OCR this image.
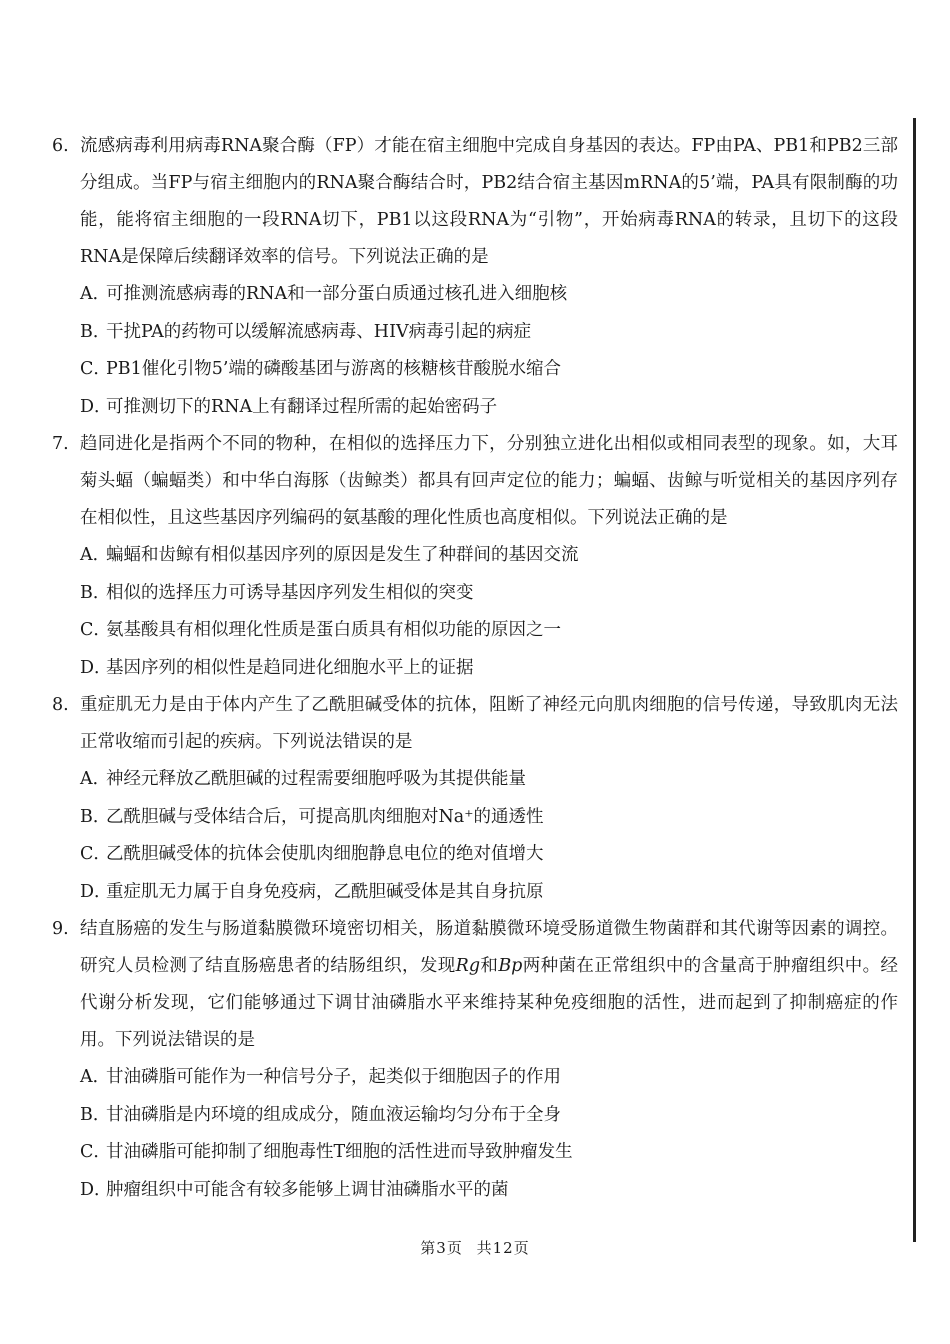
6. 流感病毒利用病毒RNA聚合酶（FP）才能在宿主细胞中完成自身基因的表达。FP由PA、PB1和PB2三部分组成。当FP与宿主细胞内的RNA聚合酶结合时，PB2结合宿主基因mRNA的5’端，PA具有限制酶的功能，能将宿主细胞的一段RNA切下，PB1以这段RNA为“引物”，开始病毒RNA的转录，且切下的这段RNA是保障后续翻译效率的信号。下列说法正确的是
A．可推测流感病毒的RNA和一部分蛋白质通过核孔进入细胞核
B．干扰PA的药物可以缓解流感病毒、HIV病毒引起的病症
C．PB1催化引物5’端的磷酸基团与游离的核糖核苷酸脱水缩合
D．可推测切下的RNA上有翻译过程所需的起始密码子
7. 趋同进化是指两个不同的物种，在相似的选择压力下，分别独立进化出相似或相同表型的现象。如，大耳菊头蝠（蝙蝠类）和中华白海豚（齿鲸类）都具有回声定位的能力；蝙蝠、齿鲸与听觉相关的基因序列存在相似性，且这些基因序列编码的氨基酸的理化性质也高度相似。下列说法正确的是
A．蝙蝠和齿鲸有相似基因序列的原因是发生了种群间的基因交流
B．相似的选择压力可诱导基因序列发生相似的突变
C．氨基酸具有相似理化性质是蛋白质具有相似功能的原因之一
D．基因序列的相似性是趋同进化细胞水平上的证据
8. 重症肌无力是由于体内产生了乙酰胆碱受体的抗体，阻断了神经元向肌肉细胞的信号传递，导致肌肉无法正常收缩而引起的疾病。下列说法错误的是
A．神经元释放乙酰胆碱的过程需要细胞呼吸为其提供能量
B．乙酰胆碱与受体结合后，可提高肌肉细胞对Na⁺的通透性
C．乙酰胆碱受体的抗体会使肌肉细胞静息电位的绝对值增大
D．重症肌无力属于自身免疫病，乙酰胆碱受体是其自身抗原
9. 结直肠癌的发生与肠道黏膜微环境密切相关，肠道黏膜微环境受肠道微生物菌群和其代谢等因素的调控。研究人员检测了结直肠癌患者的结肠组织，发现Rg和Bp两种菌在正常组织中的含量高于肿瘤组织中。经代谢分析发现，它们能够通过下调甘油磷脂水平来维持某种免疫细胞的活性，进而起到了抑制癌症的作用。下列说法错误的是
A．甘油磷脂可能作为一种信号分子，起类似于细胞因子的作用
B．甘油磷脂是内环境的组成成分，随血液运输均匀分布于全身
C．甘油磷脂可能抑制了细胞毒性T细胞的活性进而导致肿瘤发生
D．肿瘤组织中可能含有较多能够上调甘油磷脂水平的菌
第3页 共12页
